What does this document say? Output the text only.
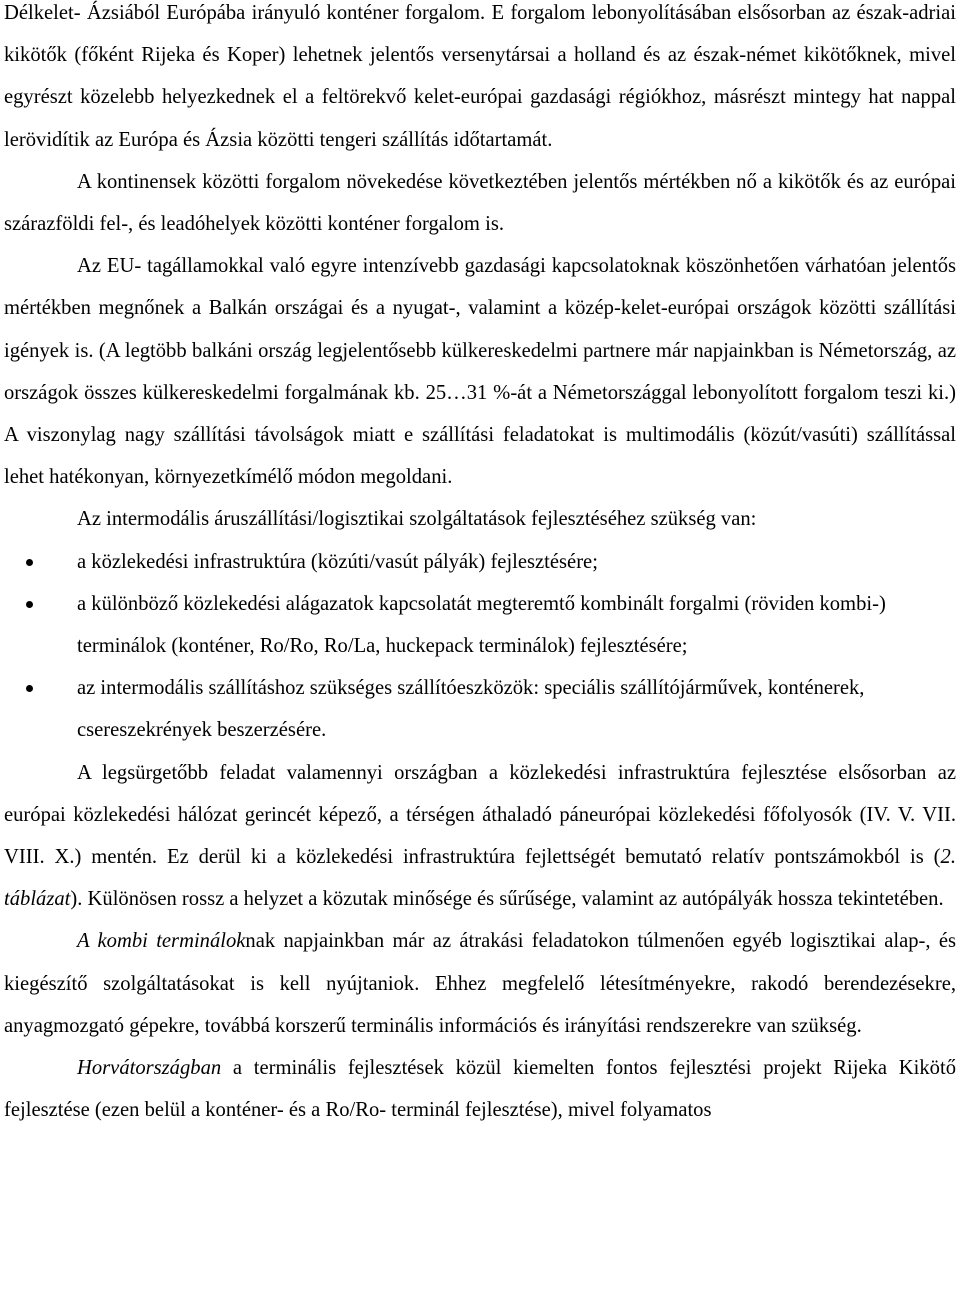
Délkelet- Ázsiából Európába irányuló konténer forgalom. E forgalom lebonyolításában elsősorban az észak-adriai kikötők (főként Rijeka és Koper) lehetnek jelentős versenytársai a holland és az észak-német kikötőknek, mivel egyrészt közelebb helyezkednek el a feltörekvő kelet-európai gazdasági régiókhoz, másrészt mintegy hat nappal lerövidítik az Európa és Ázsia közötti tengeri szállítás időtartamát.

A kontinensek közötti forgalom növekedése következtében jelentős mértékben nő a kikötők és az európai szárazföldi fel-, és leadóhelyek közötti konténer forgalom is.

Az EU- tagállamokkal való egyre intenzívebb gazdasági kapcsolatoknak köszönhetően várhatóan jelentős mértékben megnőnek a Balkán országai és a nyugat-, valamint a közép-kelet-európai országok közötti szállítási igények is. (A legtöbb balkáni ország legjelentősebb külkereskedelmi partnere már napjainkban is Németország, az országok összes külkereskedelmi forgalmának kb. 25…31 %-át a Németországgal lebonyolított forgalom teszi ki.) A viszonylag nagy szállítási távolságok miatt e szállítási feladatokat is multimodális (közút/vasúti) szállítással lehet hatékonyan, környezetkímélő módon megoldani.

Az intermodális áruszállítási/logisztikai szolgáltatások fejlesztéséhez szükség van:

a közlekedési infrastruktúra (közúti/vasút pályák) fejlesztésére;
a különböző közlekedési alágazatok kapcsolatát megteremtő kombinált forgalmi (röviden kombi-) terminálok (konténer, Ro/Ro, Ro/La, huckepack terminálok) fejlesztésére;
az intermodális szállításhoz szükséges szállítóeszközök: speciális szállítójárművek, konténerek, csereszekrények beszerzésére.

A legsürgetőbb feladat valamennyi országban a közlekedési infrastruktúra fejlesztése elsősorban az európai közlekedési hálózat gerincét képező, a térségen áthaladó páneurópai közlekedési főfolyosók (IV. V. VII. VIII. X.) mentén. Ez derül ki a közlekedési infrastruktúra fejlettségét bemutató relatív pontszámokból is (2. táblázat). Különösen rossz a helyzet a közutak minősége és sűrűsége, valamint az autópályák hossza tekintetében.

A kombi termináloknak napjainkban már az átrakási feladatokon túlmenően egyéb logisztikai alap-, és kiegészítő szolgáltatásokat is kell nyújtaniok. Ehhez megfelelő létesítményekre, rakodó berendezésekre, anyagmozgató gépekre, továbbá korszerű terminális információs és irányítási rendszerekre van szükség.

Horvátországban a terminális fejlesztések közül kiemelten fontos fejlesztési projekt Rijeka Kikötő fejlesztése (ezen belül a konténer- és a Ro/Ro- terminál fejlesztése), mivel folyamatos
